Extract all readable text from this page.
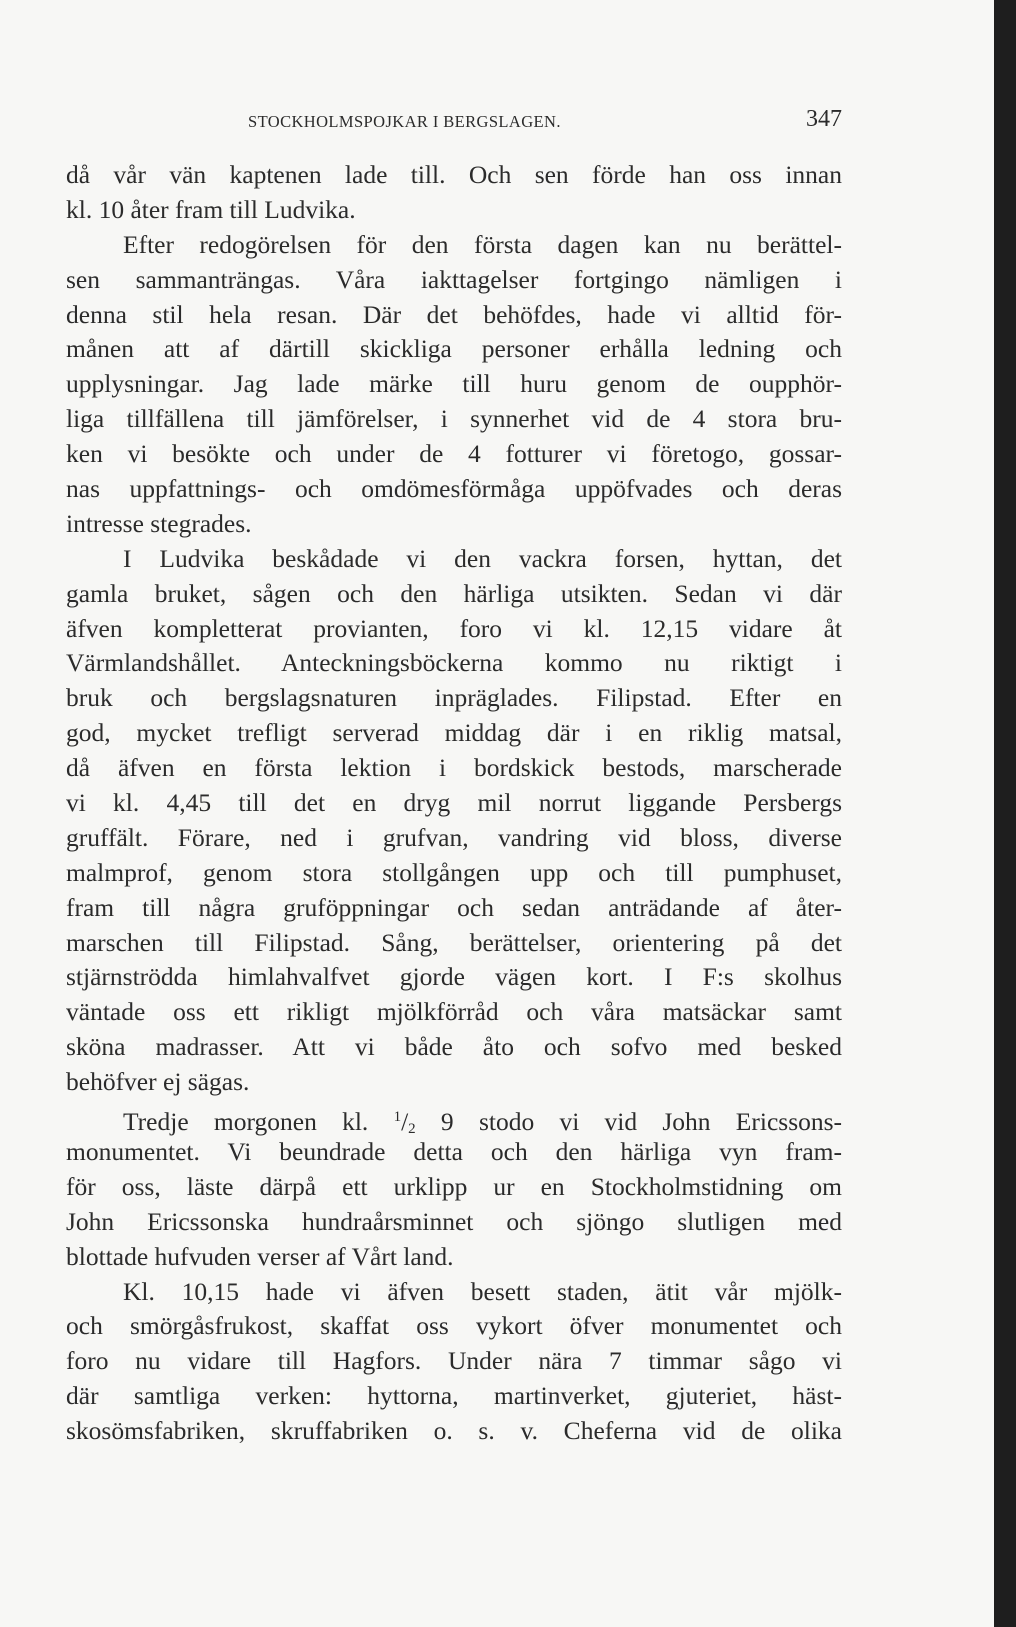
STOCKHOLMSPOJKAR I BERGSLAGEN.	347
då vår vän kaptenen lade till. Och sen förde han oss innan
kl. 10 åter fram till Ludvika.
Efter redogörelsen för den första dagen kan nu berättel-
sen sammanträngas. Våra iakttagelser fortgingo nämligen i
denna stil hela resan. Där det behöfdes, hade vi alltid för-
månen att af därtill skickliga personer erhålla ledning och
upplysningar. Jag lade märke till huru genom de oupphör-
liga tillfällena till jämförelser, i synnerhet vid de 4 stora bru-
ken vi besökte och under de 4 fotturer vi företogo, gossar-
nas uppfattnings- och omdömesförmåga uppöfvades och deras
intresse stegrades.
I Ludvika beskådade vi den vackra forsen, hyttan, det
gamla bruket, sågen och den härliga utsikten. Sedan vi där
äfven kompletterat provianten, foro vi kl. 12,15 vidare åt
Värmlandshållet. Anteckningsböckerna kommo nu riktigt i
bruk och bergslagsnaturen inpräglades. Filipstad. Efter en
god, mycket trefligt serverad middag där i en riklig matsal,
då äfven en första lektion i bordskick bestods, marscherade
vi kl. 4,45 till det en dryg mil norrut liggande Persbergs
gruffält. Förare, ned i grufvan, vandring vid bloss, diverse
malmprof, genom stora stollgången upp och till pumphuset,
fram till några gruföppningar och sedan anträdande af åter-
marschen till Filipstad. Sång, berättelser, orientering på det
stjärnströdda himlahvalfvet gjorde vägen kort. I F:s skolhus
väntade oss ett rikligt mjölkförråd och våra matsäckar samt
sköna madrasser. Att vi både åto och sofvo med besked
behöfver ej sägas.
Tredje morgonen kl. $^1/_2$ 9 stodo vi vid John Ericssons-
monumentet. Vi beundrade detta och den härliga vyn fram-
för oss, läste därpå ett urklipp ur en Stockholmstidning om
John Ericssonska hundraårsminnet och sjöngo slutligen med
blottade hufvuden verser af Vårt land.
Kl. 10,15 hade vi äfven besett staden, ätit vår mjölk-
och smörgåsfrukost, skaffat oss vykort öfver monumentet och
foro nu vidare till Hagfors. Under nära 7 timmar sågo vi
där samtliga verken: hyttorna, martinverket, gjuteriet, häst-
skosömsfabriken, skruffabriken o. s. v. Cheferna vid de olika
